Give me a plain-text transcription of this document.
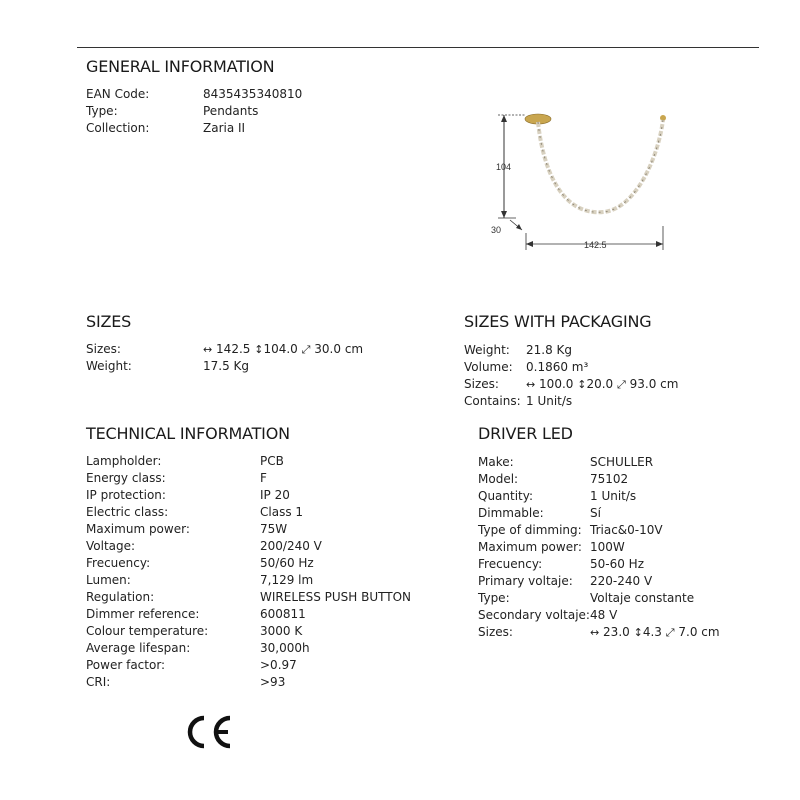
GENERAL INFORMATION
EAN Code:	8435435340810
Type:	Pendants
Collection:	Zaria II
104
30
142.5
SIZES
Sizes:	↔ 142.5 ↕104.0 ⤢ 30.0 cm
Weight:	17.5 Kg
SIZES WITH PACKAGING
Weight:	21.8 Kg
Volume:	0.1860 m³
Sizes:	↔ 100.0 ↕20.0 ⤢ 93.0 cm
Contains: 1 Unit/s
TECHNICAL INFORMATION
Lampholder:	PCB
Energy class:	F
IP protection:	IP 20
Electric class:	Class 1
Maximum power:	75W
Voltage:	200/240 V
Frecuency:	50/60 Hz
Lumen:	7,129 lm
Regulation:	WIRELESS PUSH BUTTON
Dimmer reference:	600811
Colour temperature:	3000 K
Average lifespan:	30,000h
Power factor:	>0.97
CRI:	>93
DRIVER LED
Make:	SCHULLER
Model:	75102
Quantity:	1 Unit/s
Dimmable:	Sí
Type of dimming: Triac&0-10V
Maximum power: 100W
Frecuency:	50-60 Hz
Primary voltaje:	220-240 V
Type:	Voltaje constante
Secondary voltaje: 48 V
Sizes:	↔ 23.0 ↕4.3 ⤢ 7.0 cm
